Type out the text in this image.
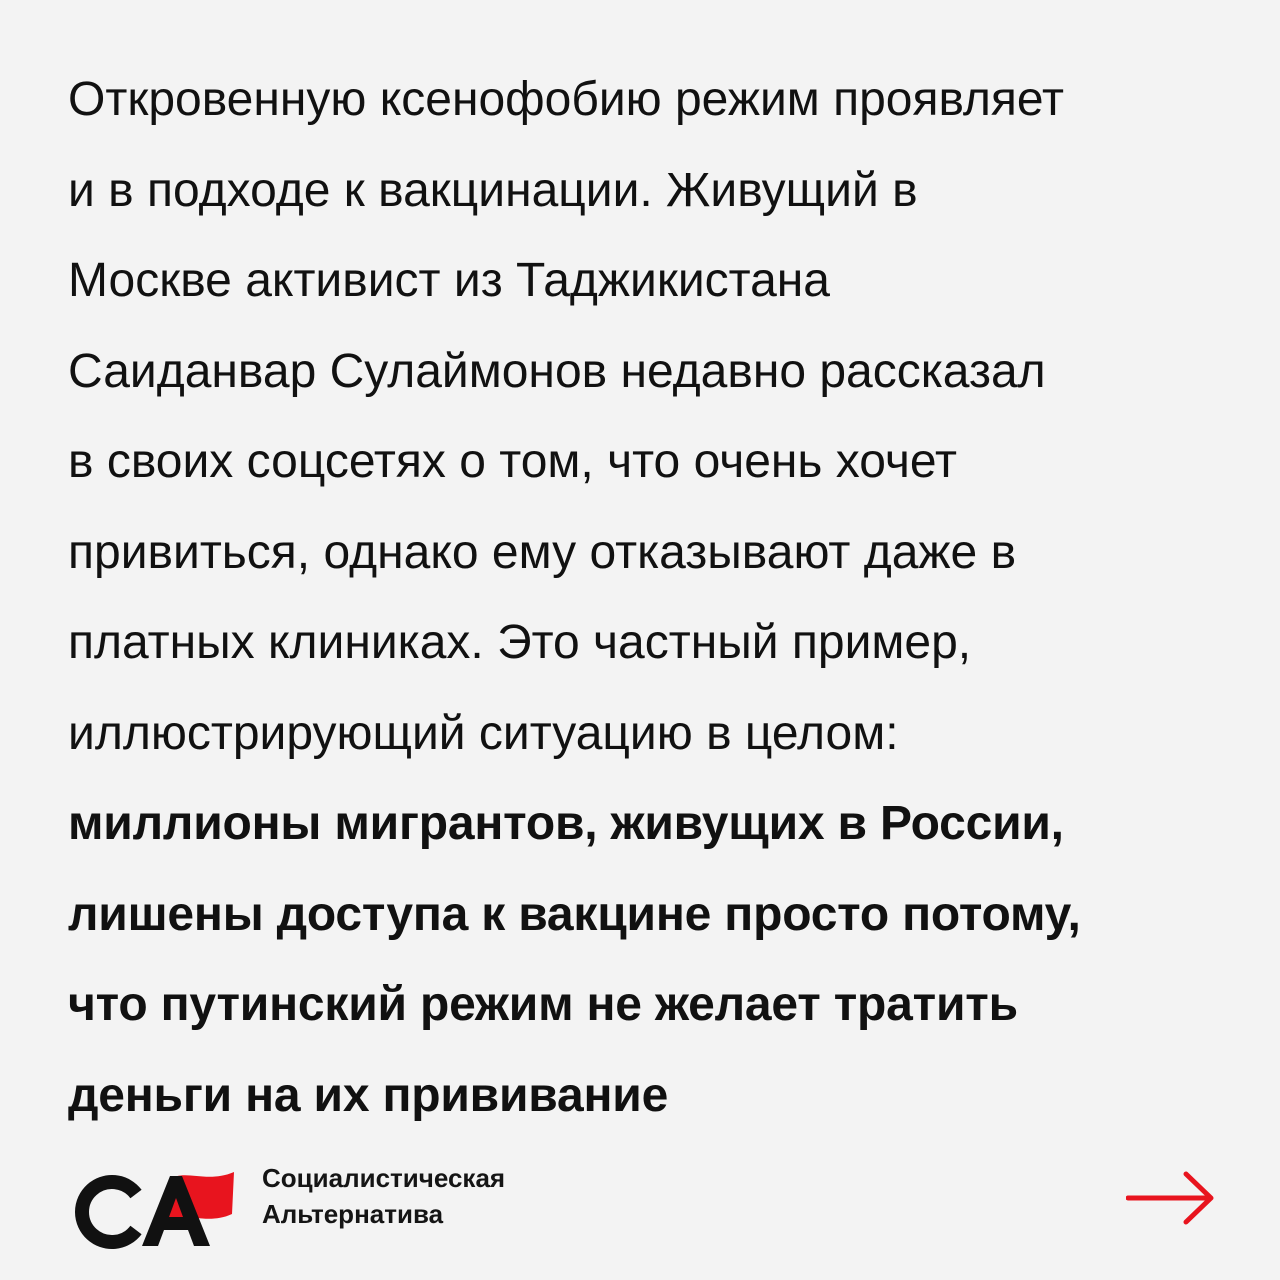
Откровенную ксенофобию режим проявляет
и в подходе к вакцинации. Живущий в
Москве активист из Таджикистана
Саиданвар Сулаймонов недавно рассказал
в своих соцсетях о том, что очень хочет
привиться, однако ему отказывают даже в
платных клиниках. Это частный пример,
иллюстрирующий ситуацию в целом:
миллионы мигрантов, живущих в России,
лишены доступа к вакцине просто потому,
что путинский режим не желает тратить
деньги на их прививание
Социалистическая
Альтернатива
